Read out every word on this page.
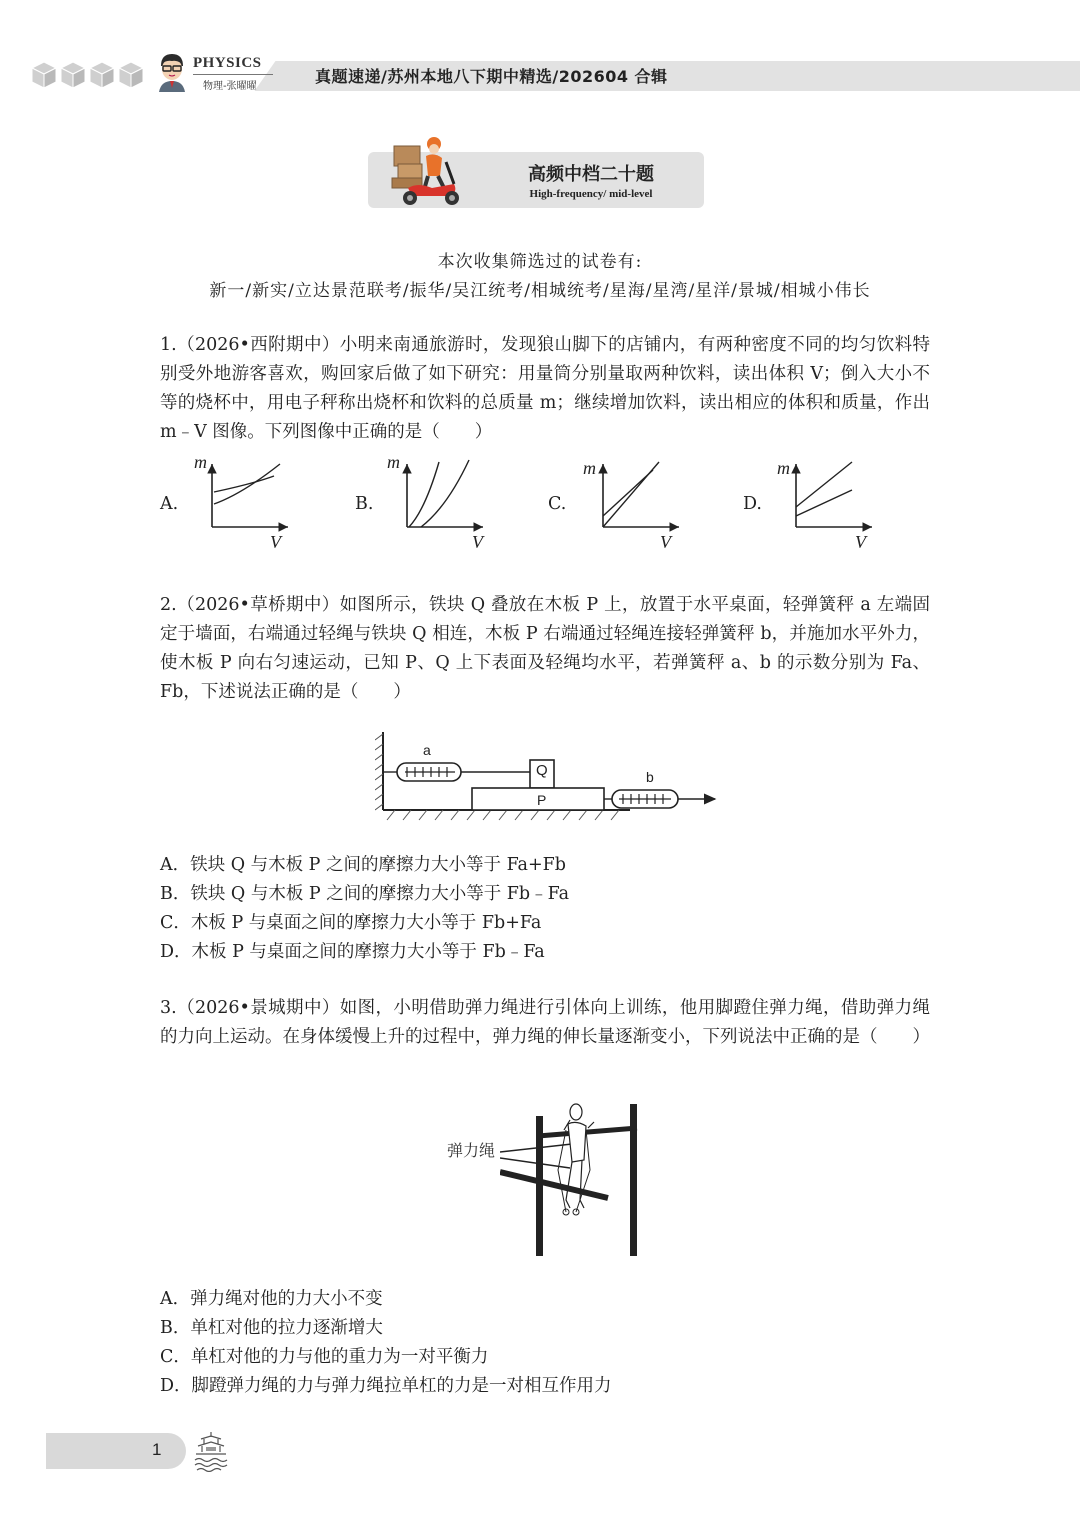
PHYSICS
物理-张曜曜
真题速递/苏州本地八下期中精选/202604 合辑
高频中档二十题
High-frequency/ mid-level
本次收集筛选过的试卷有:
新一/新实/立达景范联考/振华/吴江统考/相城统考/星海/星湾/星洋/景城/相城小伟长
1.（2026•西附期中）小明来南通旅游时，发现狼山脚下的店铺内，有两种密度不同的均匀饮料特别受外地游客喜欢，购回家后做了如下研究：用量筒分别量取两种饮料，读出体积 V；倒入大小不等的烧杯中，用电子秤称出烧杯和饮料的总质量 m；继续增加饮料，读出相应的体积和质量，作出 m﹣V 图像。下列图像中正确的是（　　）
A.
m
V
B.
m
V
C.
m
V
D.
m
V
2.（2026•草桥期中）如图所示，铁块 Q 叠放在木板 P 上，放置于水平桌面，轻弹簧秤 a 左端固定于墙面，右端通过轻绳与铁块 Q 相连，木板 P 右端通过轻绳连接轻弹簧秤 b，并施加水平外力，使木板 P 向右匀速运动，已知 P、Q 上下表面及轻绳均水平，若弹簧秤 a、b 的示数分别为 Fa、Fb，下述说法正确的是（　　）
a
Q
P
b
A．铁块 Q 与木板 P 之间的摩擦力大小等于 Fa+Fb
B．铁块 Q 与木板 P 之间的摩擦力大小等于 Fb﹣Fa
C．木板 P 与桌面之间的摩擦力大小等于 Fb+Fa
D．木板 P 与桌面之间的摩擦力大小等于 Fb﹣Fa
3.（2026•景城期中）如图，小明借助弹力绳进行引体向上训练，他用脚蹬住弹力绳，借助弹力绳的力向上运动。在身体缓慢上升的过程中，弹力绳的伸长量逐渐变小，下列说法中正确的是（　　）
弹力绳
A．弹力绳对他的力大小不变
B．单杠对他的拉力逐渐增大
C．单杠对他的力与他的重力为一对平衡力
D．脚蹬弹力绳的力与弹力绳拉单杠的力是一对相互作用力
1
